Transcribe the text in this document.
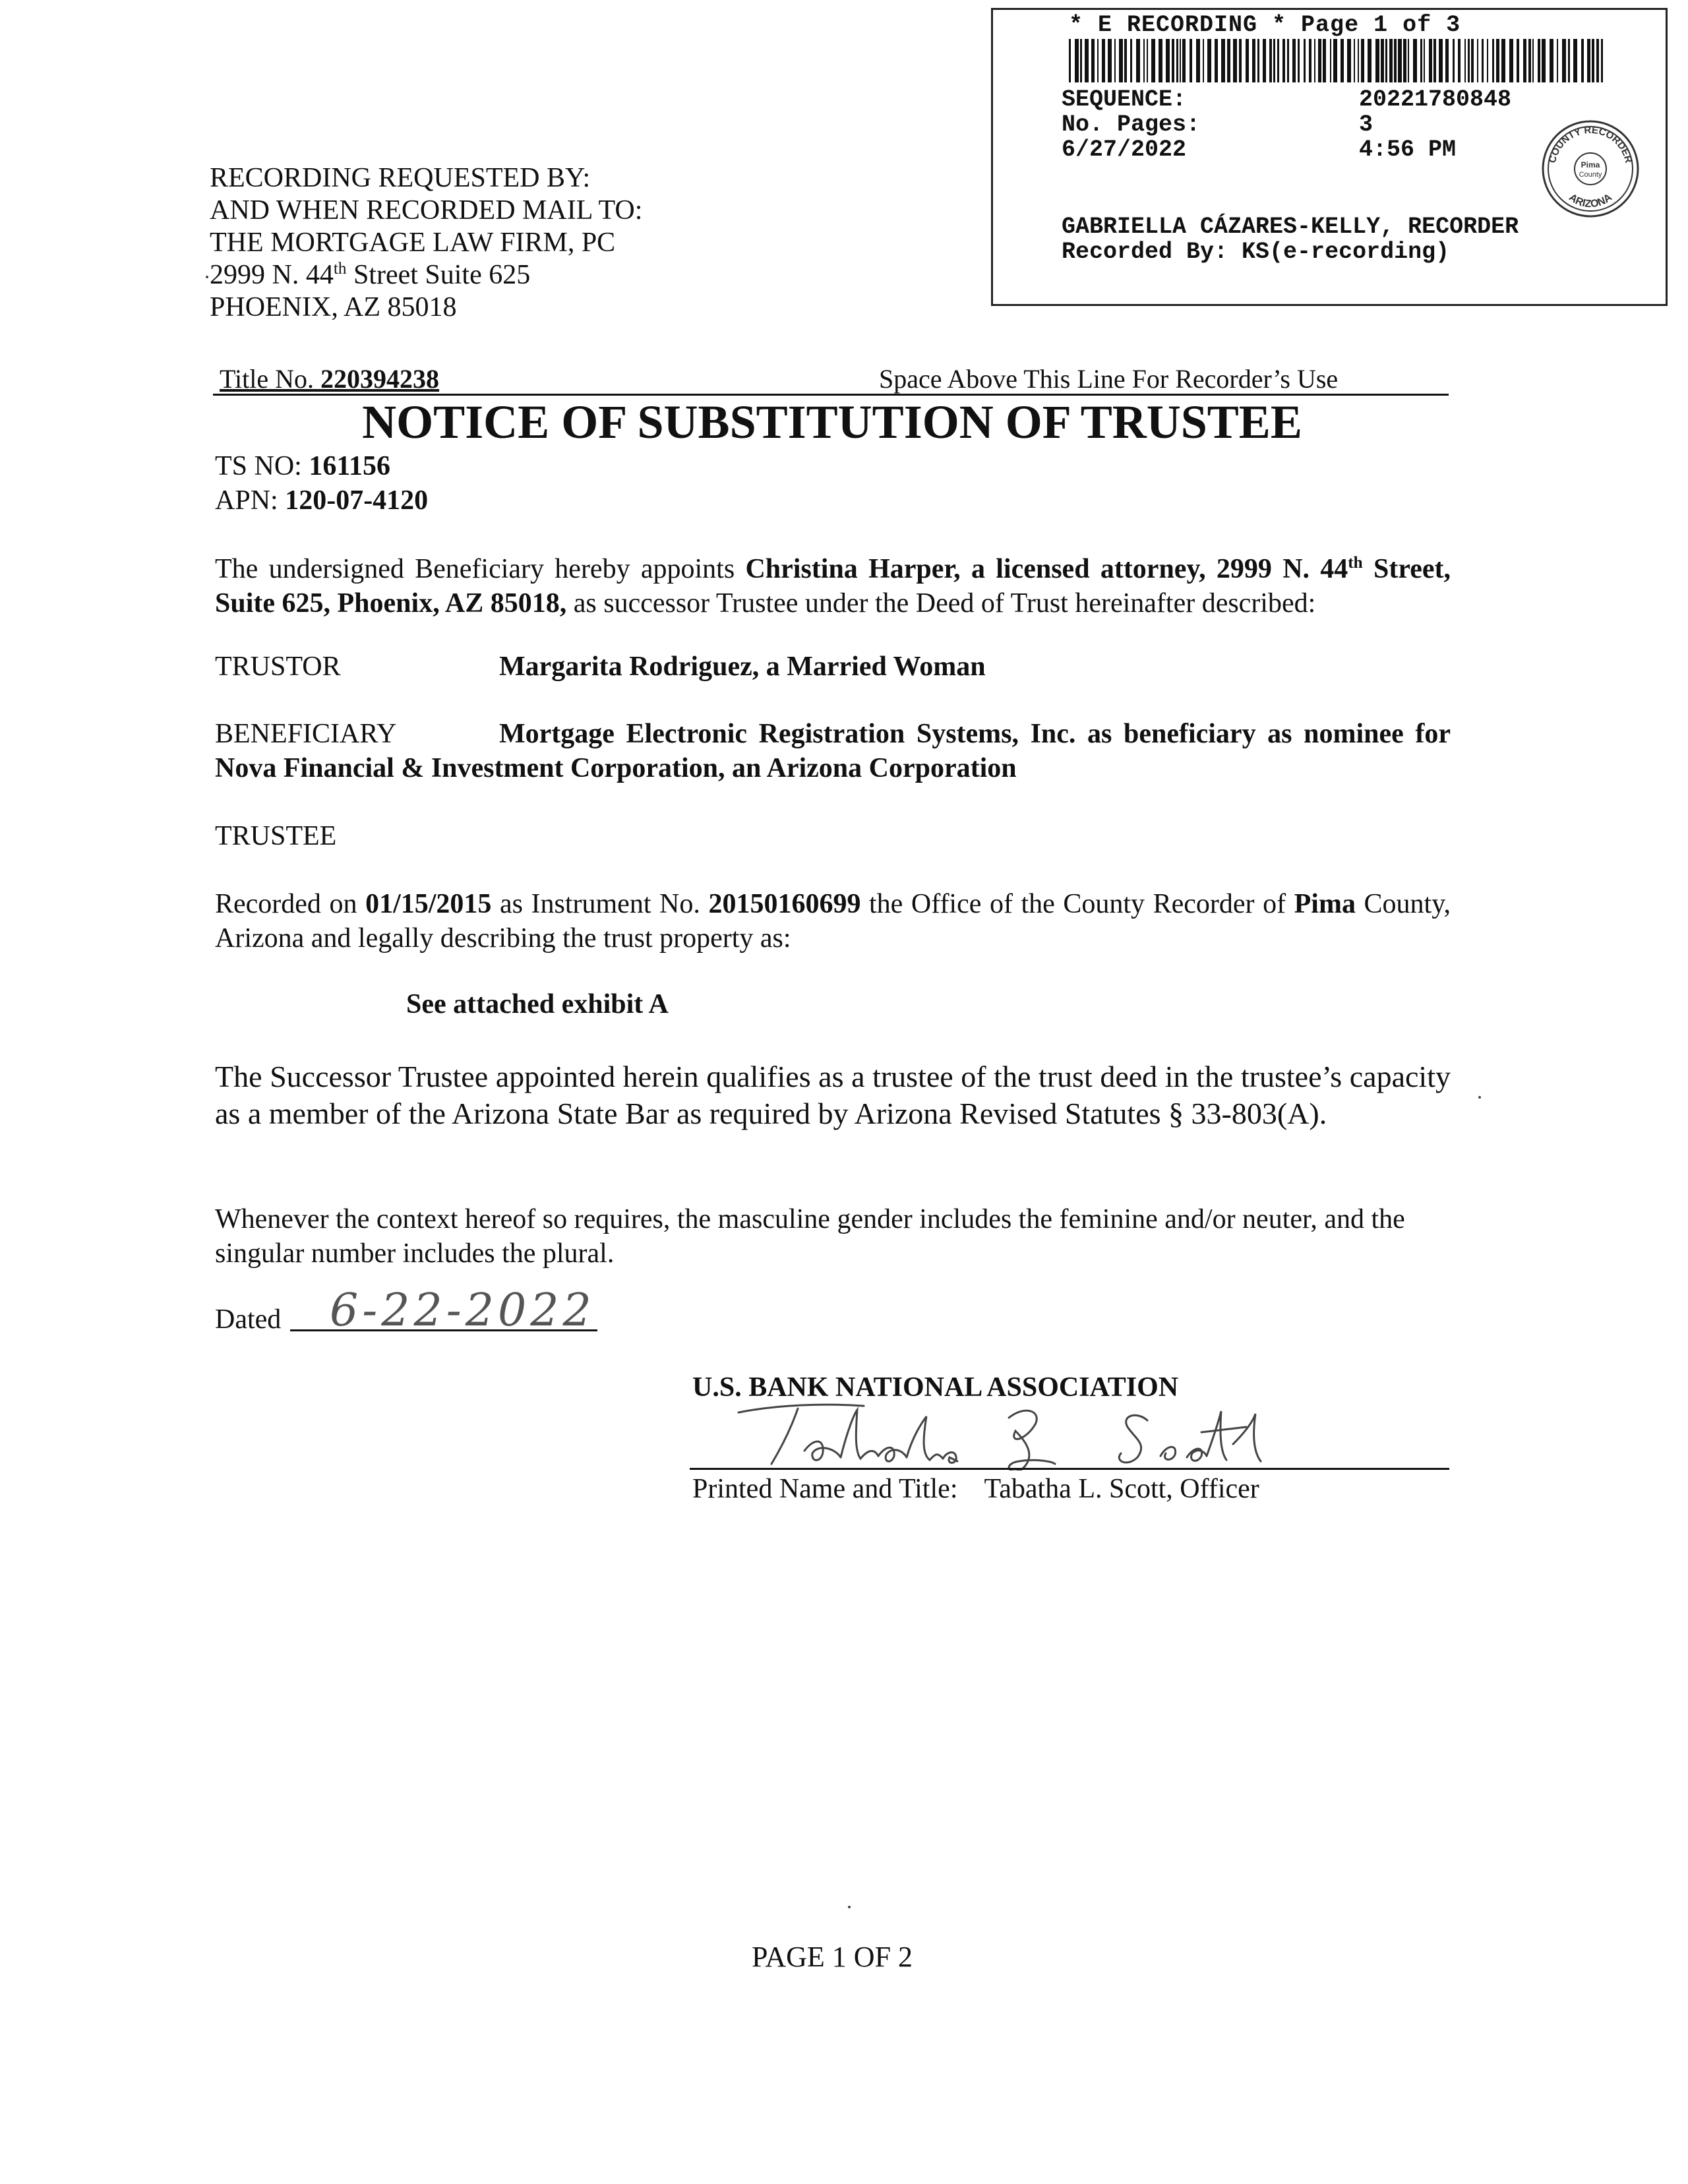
* E RECORDING * Page 1 of 3
SEQUENCE:	20221780848
No. Pages:	3
6/27/2022	4:56 PM
GABRIELLA CÁZARES-KELLY, RECORDER
Recorded By: KS(e-recording)
COUNTY RECORDER
ARIZONA
Pima
County
RECORDING REQUESTED BY:
AND WHEN RECORDED MAIL TO:
THE MORTGAGE LAW FIRM, PC
2999 N. 44th Street Suite 625
PHOENIX, AZ 85018
Title No. 220394238	Space Above This Line For Recorder’s Use
NOTICE OF SUBSTITUTION OF TRUSTEE
TS NO: 161156
APN: 120-07-4120
The undersigned Beneficiary hereby appoints Christina Harper, a licensed attorney, 2999 N. 44th Street, Suite 625, Phoenix, AZ 85018, as successor Trustee under the Deed of Trust hereinafter described:
TRUSTOR	Margarita Rodriguez, a Married Woman
BENEFICIARY	Mortgage Electronic Registration Systems, Inc. as beneficiary as nominee for Nova Financial & Investment Corporation, an Arizona Corporation
TRUSTEE
Recorded on 01/15/2015 as Instrument No. 20150160699 the Office of the County Recorder of Pima County, Arizona and legally describing the trust property as:
See attached exhibit A
The Successor Trustee appointed herein qualifies as a trustee of the trust deed in the trustee’s capacity as a member of the Arizona State Bar as required by Arizona Revised Statutes § 33-803(A).
Whenever the context hereof so requires, the masculine gender includes the feminine and/or neuter, and the singular number includes the plural.
Dated 6-22-2022
U.S. BANK NATIONAL ASSOCIATION
Printed Name and Title: Tabatha L. Scott, Officer
PAGE 1 OF 2
